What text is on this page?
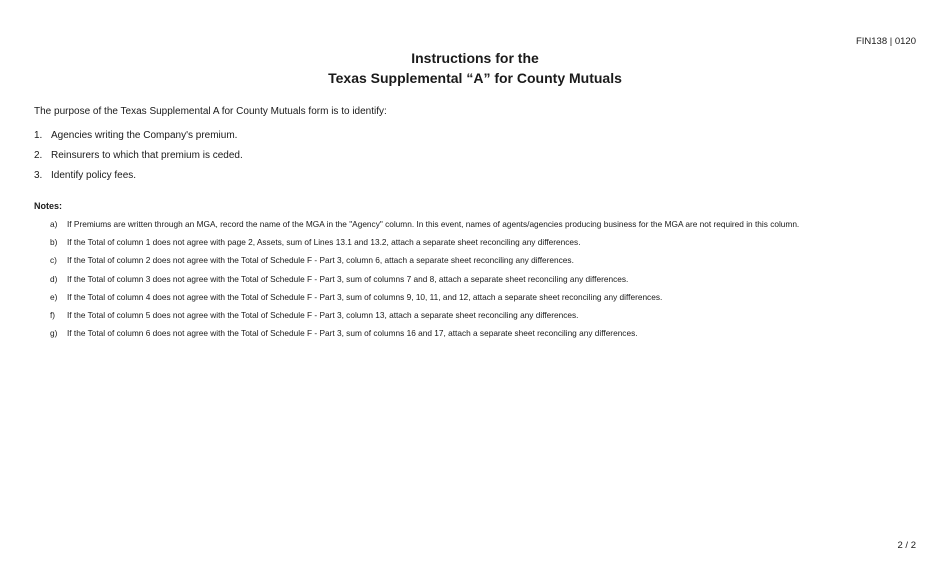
FIN138 | 0120
Instructions for the
Texas Supplemental “A” for County Mutuals
The purpose of the Texas Supplemental A for County Mutuals form is to identify:
1. Agencies writing the Company's premium.
2. Reinsurers to which that premium is ceded.
3. Identify policy fees.
Notes:
a)	If Premiums are written through an MGA, record the name of the MGA in the "Agency" column. In this event, names of agents/agencies producing business for the MGA are not required in this column.
b)	If the Total of column 1 does not agree with page 2, Assets, sum of Lines 13.1 and 13.2, attach a separate sheet reconciling any differences.
c)	If the Total of column 2 does not agree with the Total of Schedule F - Part 3, column 6, attach a separate sheet reconciling any differences.
d)	If the Total of column 3 does not agree with the Total of Schedule F - Part 3, sum of columns 7 and 8, attach a separate sheet reconciling any differences.
e)	If the Total of column 4 does not agree with the Total of Schedule F - Part 3, sum of columns 9, 10, 11, and 12, attach a separate sheet reconciling any differences.
f)	If the Total of column 5 does not agree with the Total of Schedule F - Part 3, column 13, attach a separate sheet reconciling any differences.
g)	If the Total of column 6 does not agree with the Total of Schedule F - Part 3, sum of columns 16 and 17, attach a separate sheet reconciling any differences.
2 / 2
